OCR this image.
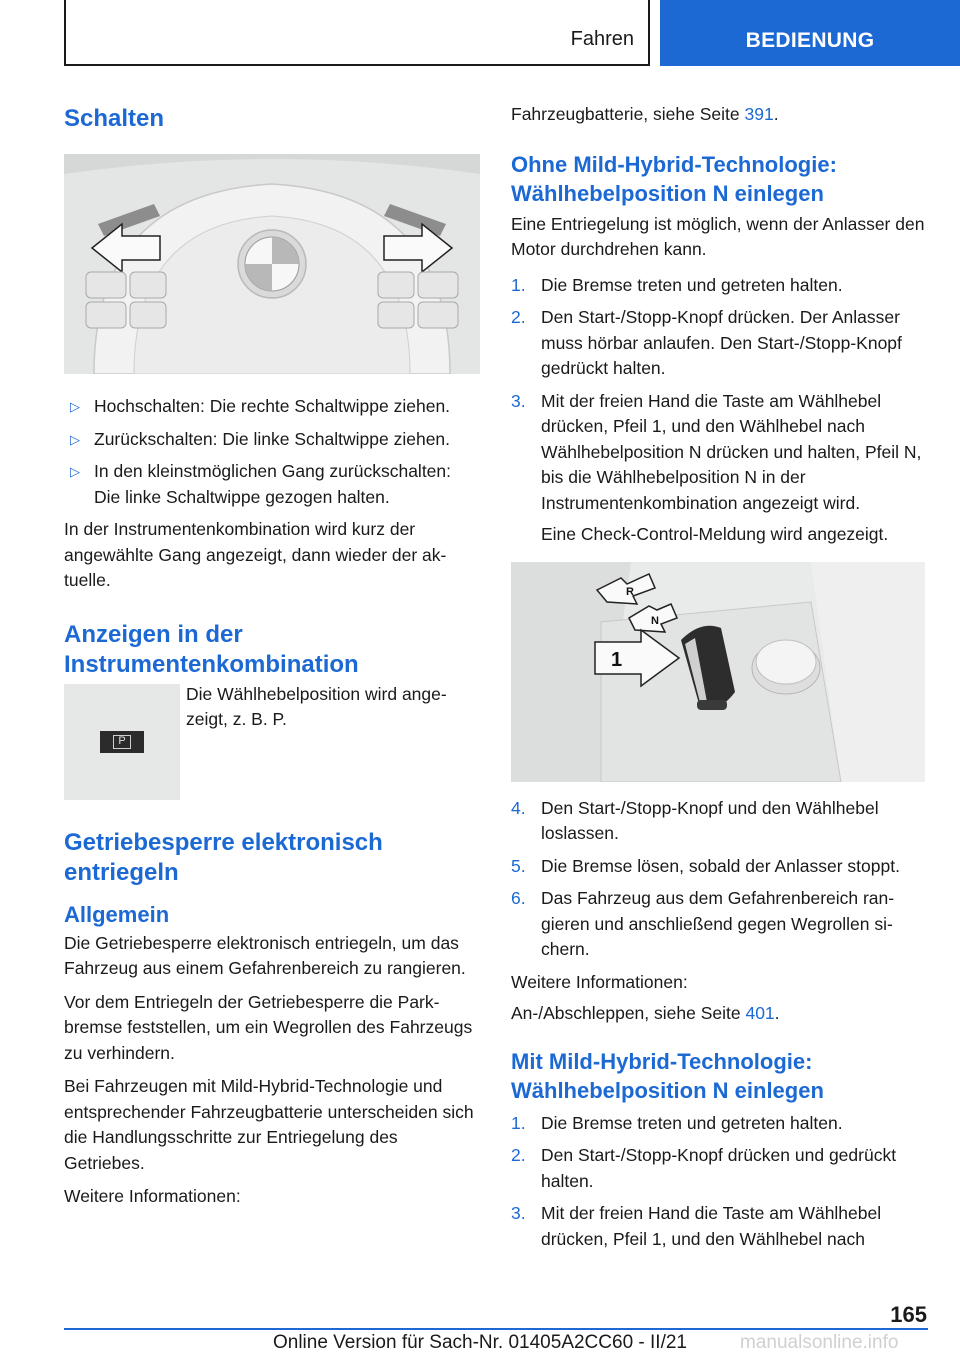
Fahren	BEDIENUNG
Schalten
▷ Hochschalten: Die rechte Schaltwippe ziehen.
▷ Zurückschalten: Die linke Schaltwippe ziehen.
▷ In den kleinstmöglichen Gang zurückschalten: Die linke Schaltwippe gezogen halten.

In der Instrumentenkombination wird kurz der angewählte Gang angezeigt, dann wieder der aktuelle.

Anzeigen in der Instrumentenkombination
P

Die Wählhebelposition wird angezeigt, z. B. P.

Getriebesperre elektronisch entriegeln
Allgemein

Die Getriebesperre elektronisch entriegeln, um das Fahrzeug aus einem Gefahrenbereich zu rangieren.

Vor dem Entriegeln der Getriebesperre die Parkbremse feststellen, um ein Wegrollen des Fahrzeugs zu verhindern.

Bei Fahrzeugen mit Mild-Hybrid-Technologie und entsprechender Fahrzeugbatterie unterscheiden sich die Handlungsschritte zur Entriegelung des Getriebes.

Weitere Informationen:

Fahrzeugbatterie, siehe Seite 391.

Ohne Mild-Hybrid-Technologie: Wählhebelposition N einlegen

Eine Entriegelung ist möglich, wenn der Anlasser den Motor durchdrehen kann.

1. Die Bremse treten und getreten halten.
2. Den Start-/Stopp-Knopf drücken. Der Anlasser muss hörbar anlaufen. Den Start-/Stopp-Knopf gedrückt halten.
3. Mit der freien Hand die Taste am Wählhebel drücken, Pfeil 1, und den Wählhebel nach Wählhebelposition N drücken und halten, Pfeil N, bis die Wählhebelposition N in der Instrumentenkombination angezeigt wird.
Eine Check-Control-Meldung wird angezeigt.
R
N
1
4. Den Start-/Stopp-Knopf und den Wählhebel loslassen.
5. Die Bremse lösen, sobald der Anlasser stoppt.
6. Das Fahrzeug aus dem Gefahrenbereich rangieren und anschließend gegen Wegrollen sichern.

Weitere Informationen:

An-/Abschleppen, siehe Seite 401.

Mit Mild-Hybrid-Technologie: Wählhebelposition N einlegen
1. Die Bremse treten und getreten halten.
2. Den Start-/Stopp-Knopf drücken und gedrückt halten.
3. Mit der freien Hand die Taste am Wählhebel drücken, Pfeil 1, und den Wählhebel nach
165
Online Version für Sach-Nr. 01405A2CC60 - II/21	manualsonline.info
